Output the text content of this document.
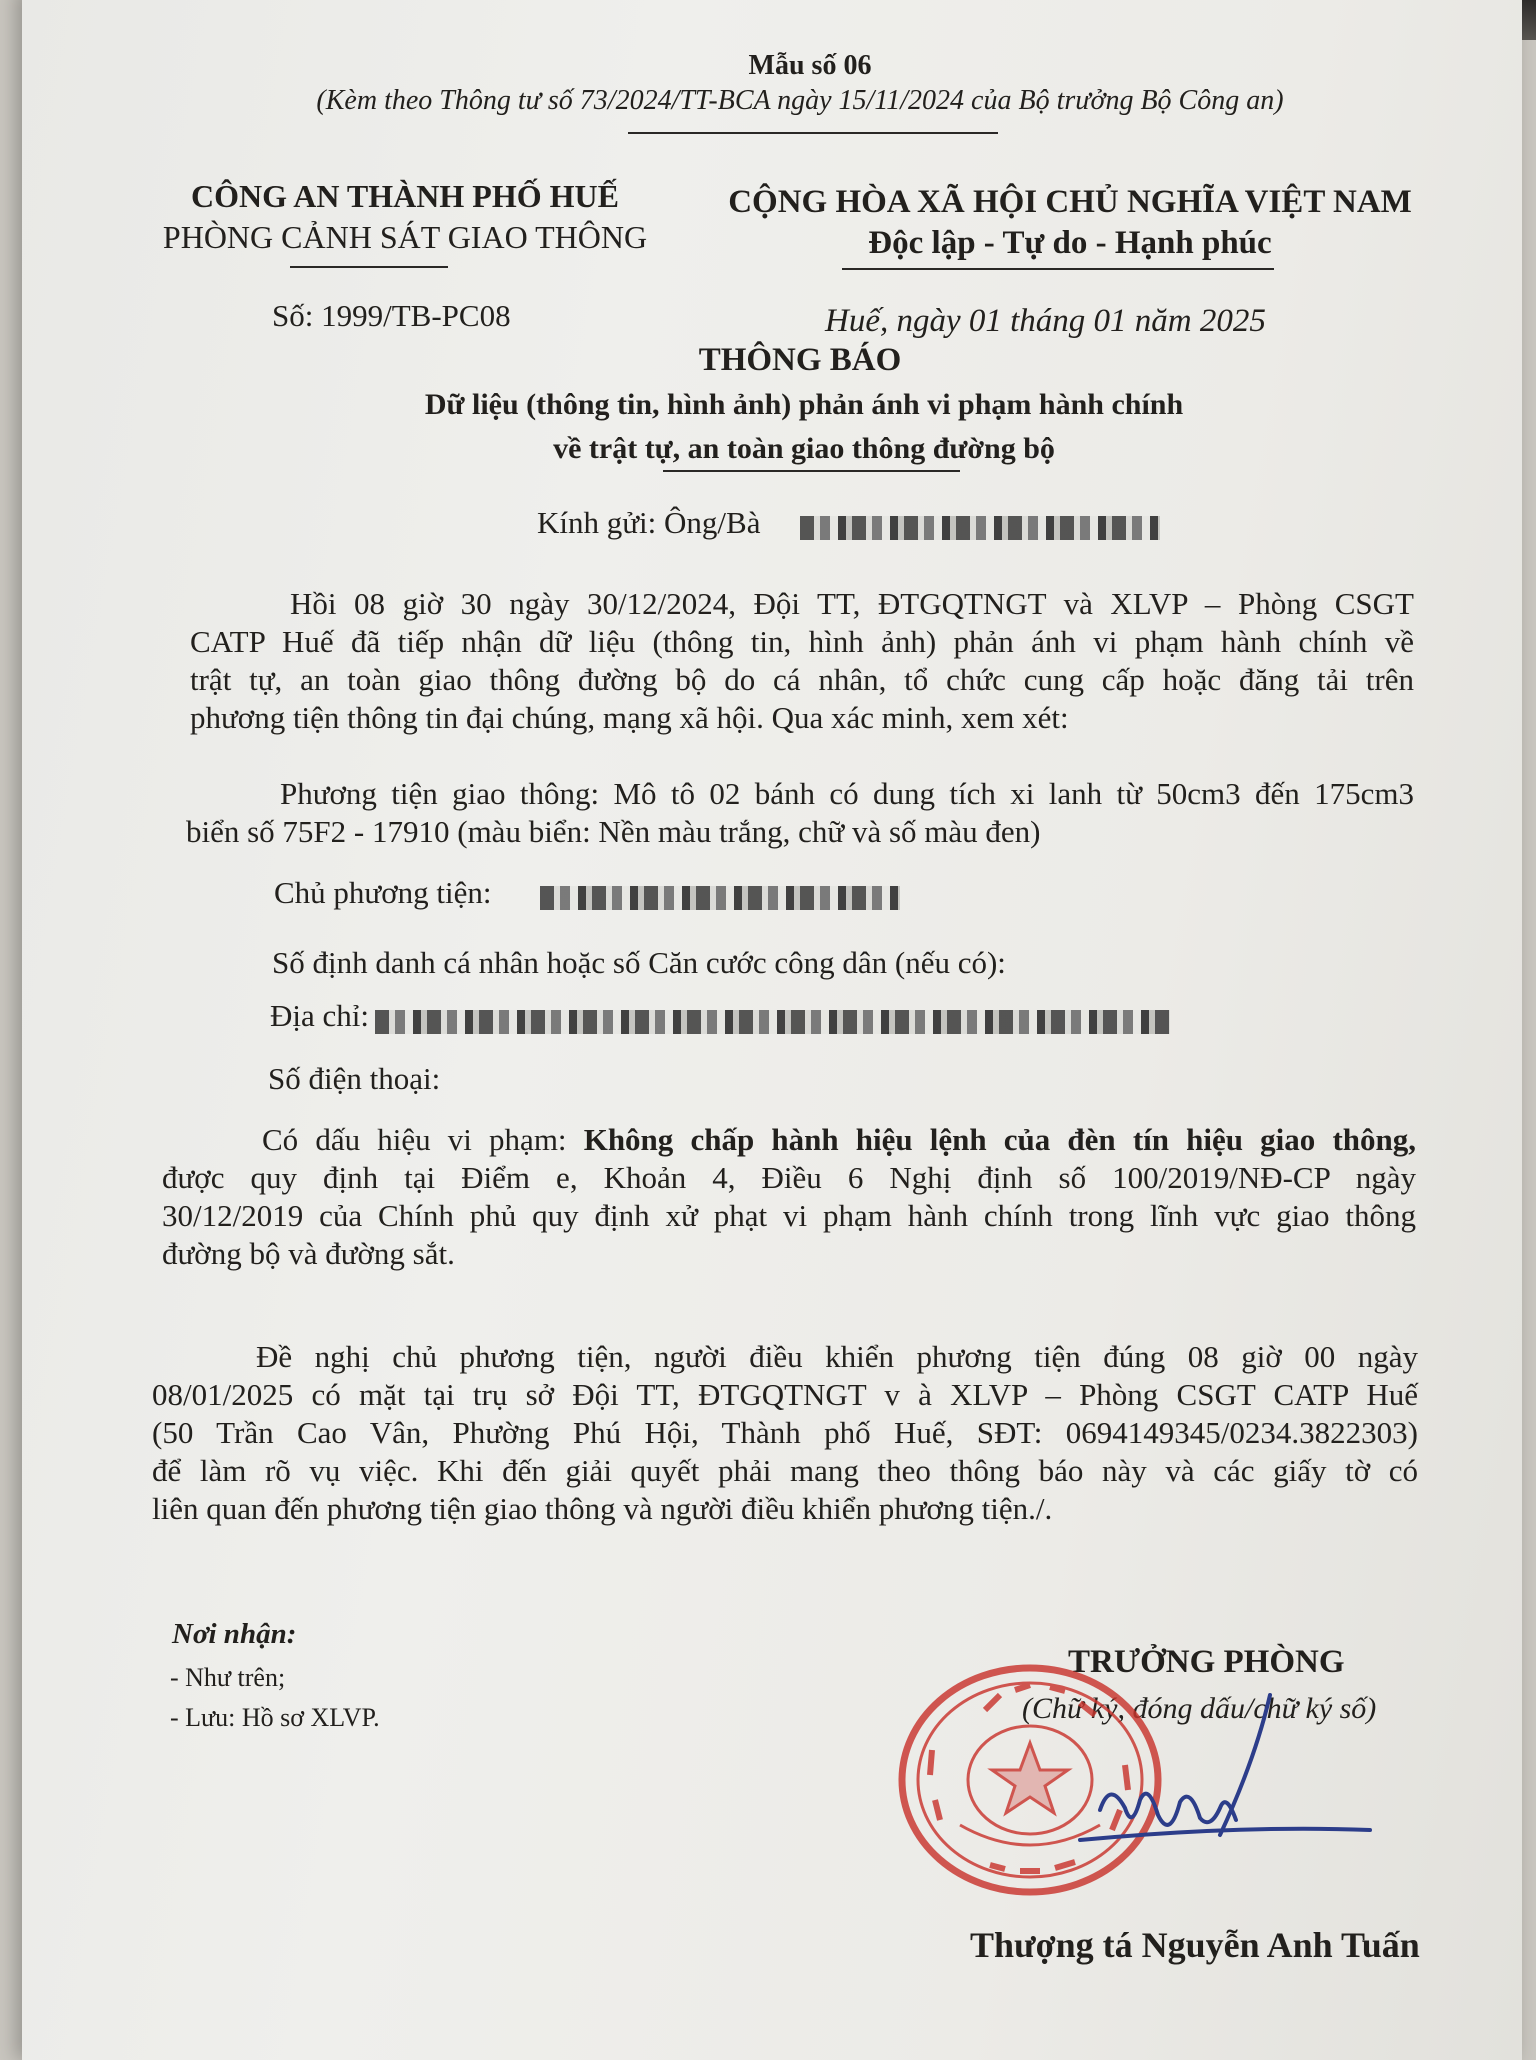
Mẫu số 06
(Kèm theo Thông tư số 73/2024/TT-BCA ngày 15/11/2024 của Bộ trưởng Bộ Công an)
CÔNG AN THÀNH PHỐ HUẾ
PHÒNG CẢNH SÁT GIAO THÔNG
Số: 1999/TB-PC08
CỘNG HÒA XÃ HỘI CHỦ NGHĨA VIỆT NAM
Độc lập - Tự do - Hạnh phúc
Huế, ngày 01 tháng 01 năm 2025
THÔNG BÁO
Dữ liệu (thông tin, hình ảnh) phản ánh vi phạm hành chính
về trật tự, an toàn giao thông đường bộ
Kính gửi: Ông/Bà
Hồi 08 giờ 30 ngày 30/12/2024, Đội TT, ĐTGQTNGT và XLVP – Phòng CSGT
CATP Huế đã tiếp nhận dữ liệu (thông tin, hình ảnh) phản ánh vi phạm hành chính về
trật tự, an toàn giao thông đường bộ do cá nhân, tổ chức cung cấp hoặc đăng tải trên
phương tiện thông tin đại chúng, mạng xã hội. Qua xác minh, xem xét:
Phương tiện giao thông: Mô tô 02 bánh có dung tích xi lanh từ 50cm3 đến 175cm3
biển số 75F2 - 17910 (màu biển: Nền màu trắng, chữ và số màu đen)
Chủ phương tiện:
Số định danh cá nhân hoặc số Căn cước công dân (nếu có):
Địa chỉ:
Số điện thoại:
Có dấu hiệu vi phạm: Không chấp hành hiệu lệnh của đèn tín hiệu giao thông,
được quy định tại Điểm e, Khoản 4, Điều 6 Nghị định số 100/2019/NĐ-CP ngày
30/12/2019 của Chính phủ quy định xử phạt vi phạm hành chính trong lĩnh vực giao thông
đường bộ và đường sắt.
Đề nghị chủ phương tiện, người điều khiển phương tiện đúng 08 giờ 00 ngày
08/01/2025 có mặt tại trụ sở Đội TT, ĐTGQTNGT v à XLVP – Phòng CSGT CATP Huế
(50 Trần Cao Vân, Phường Phú Hội, Thành phố Huế, SĐT: 0694149345/0234.3822303)
để làm rõ vụ việc. Khi đến giải quyết phải mang theo thông báo này và các giấy tờ có
liên quan đến phương tiện giao thông và người điều khiển phương tiện./.
Nơi nhận:
- Như trên;
- Lưu: Hồ sơ XLVP.
TRƯỞNG PHÒNG
(Chữ ký, đóng dấu/chữ ký số)
Thượng tá Nguyễn Anh Tuấn
